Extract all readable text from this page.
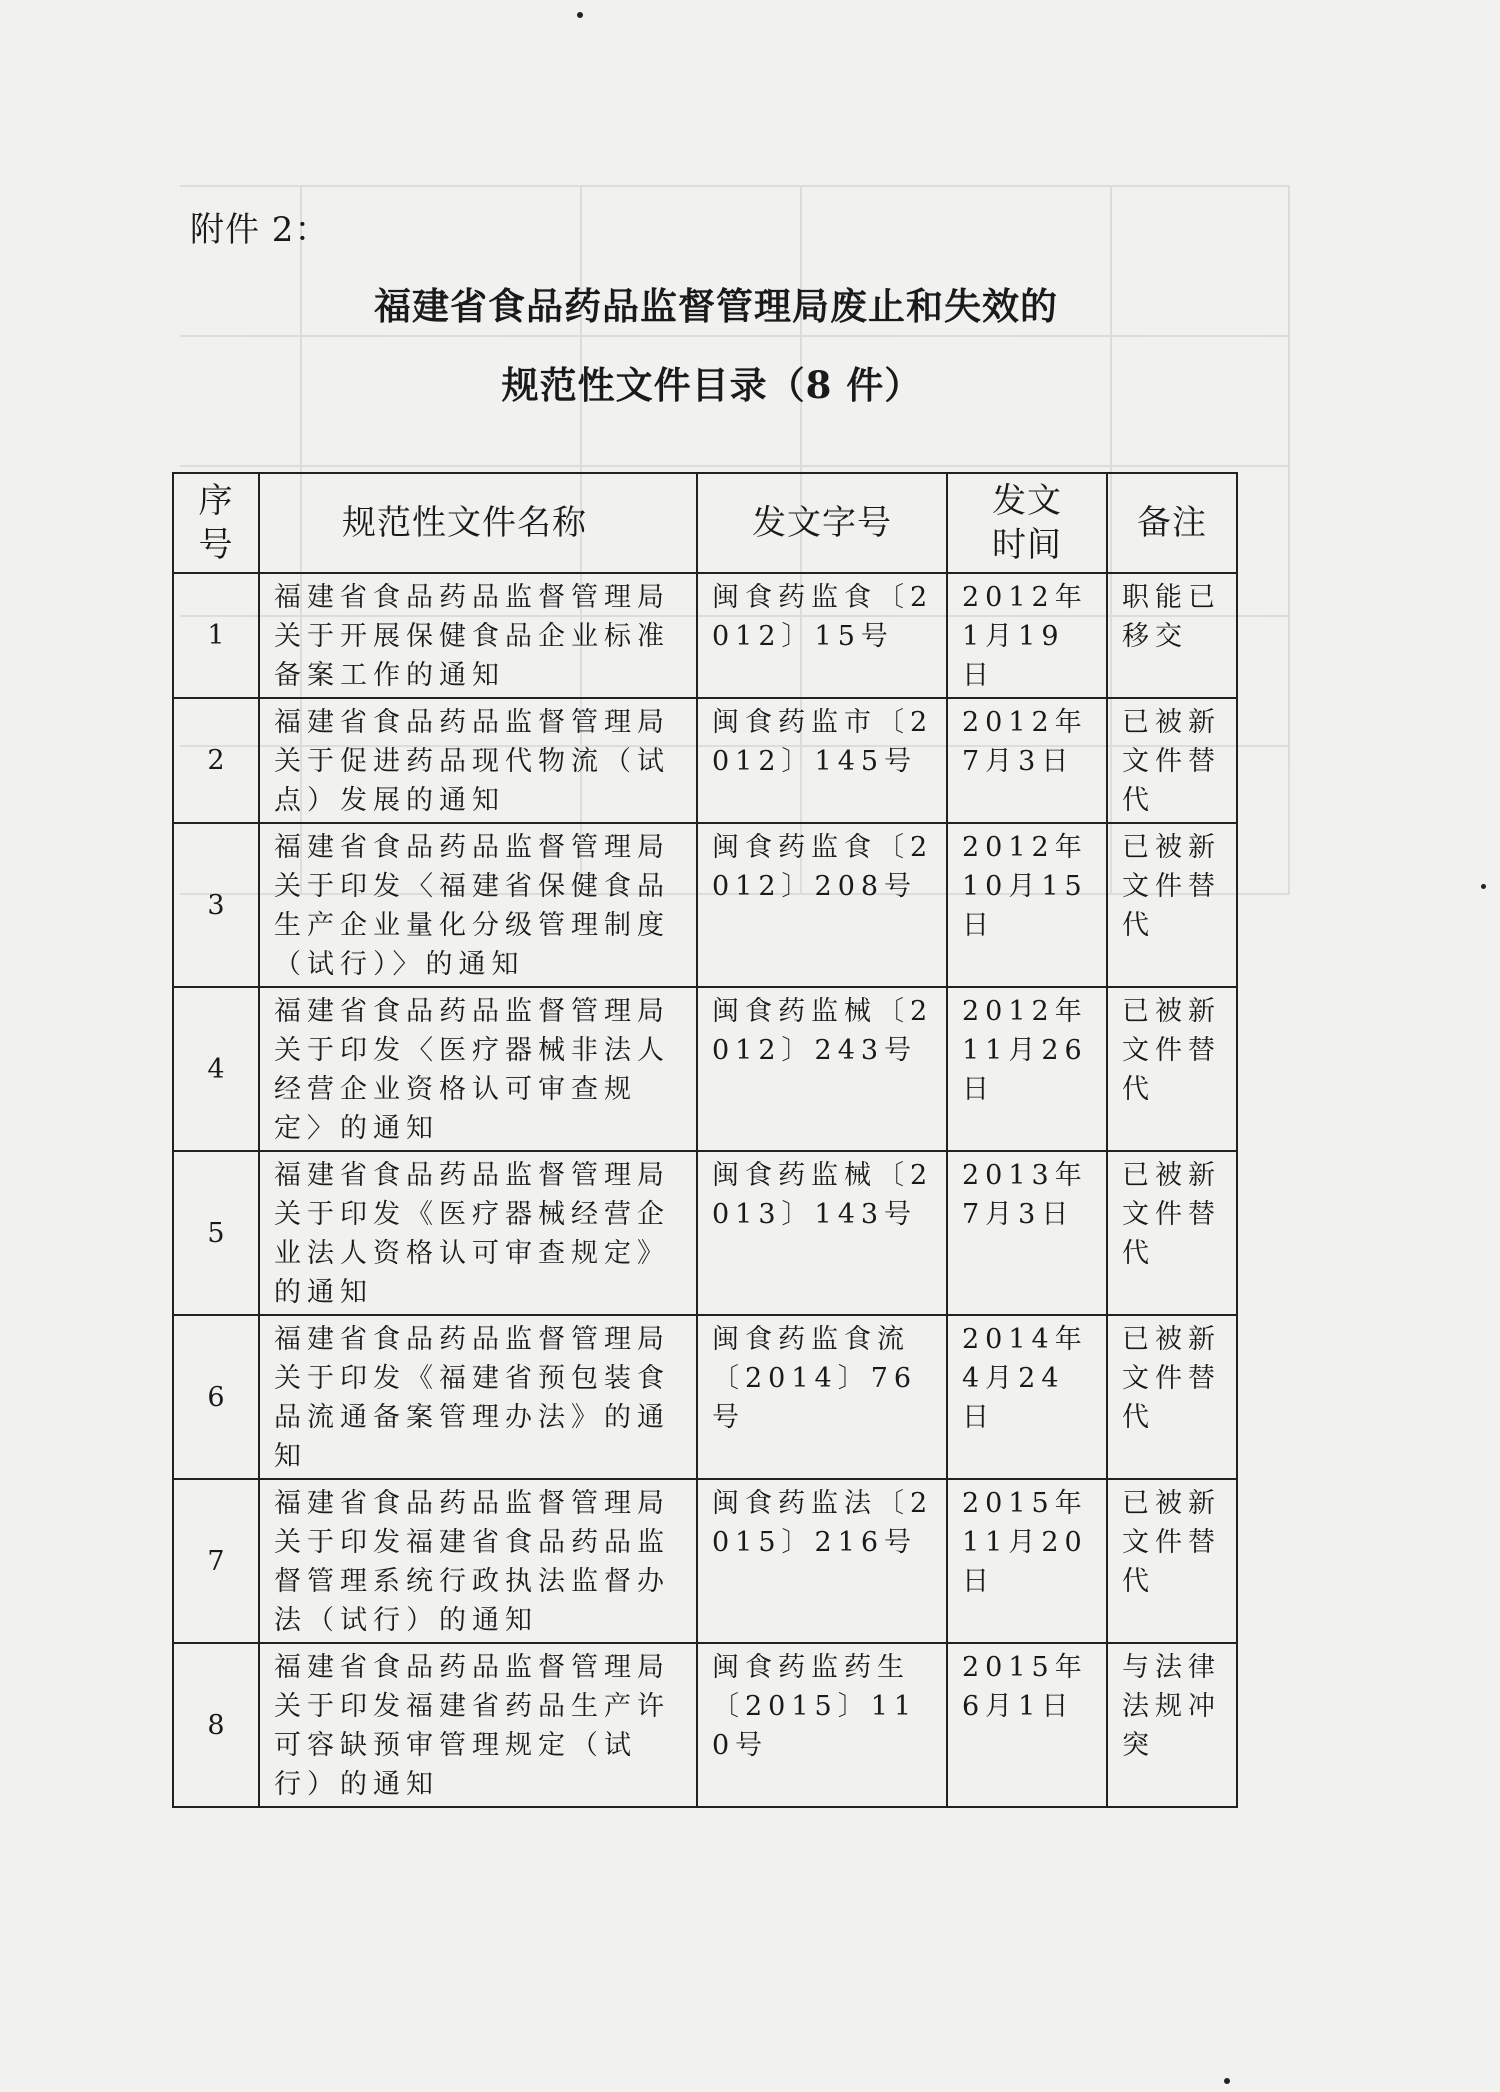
附件 2：
福建省食品药品监督管理局废止和失效的
规范性文件目录（8 件）
序号	规范性文件名称	发文字号	发文时间	备注
1	福建省食品药品监督管理局关于开展保健食品企业标准备案工作的通知	闽食药监食〔2012〕15号	2012年1月19日	职能已移交
2	福建省食品药品监督管理局关于促进药品现代物流（试点）发展的通知	闽食药监市〔2012〕145号	2012年7月3日	已被新文件替代
3	福建省食品药品监督管理局关于印发〈福建省保健食品生产企业量化分级管理制度（试行）〉的通知	闽食药监食〔2012〕208号	2012年10月15日	已被新文件替代
4	福建省食品药品监督管理局关于印发〈医疗器械非法人经营企业资格认可审查规定〉的通知	闽食药监械〔2012〕243号	2012年11月26日	已被新文件替代
5	福建省食品药品监督管理局关于印发《医疗器械经营企业法人资格认可审查规定》的通知	闽食药监械〔2013〕143号	2013年7月3日	已被新文件替代
6	福建省食品药品监督管理局关于印发《福建省预包装食品流通备案管理办法》的通知	闽食药监食流〔2014〕76号	2014年4月24日	已被新文件替代
7	福建省食品药品监督管理局关于印发福建省食品药品监督管理系统行政执法监督办法（试行）的通知	闽食药监法〔2015〕216号	2015年11月20日	已被新文件替代
8	福建省食品药品监督管理局关于印发福建省药品生产许可容缺预审管理规定（试行）的通知	闽食药监药生〔2015〕110号	2015年6月1日	与法律法规冲突
